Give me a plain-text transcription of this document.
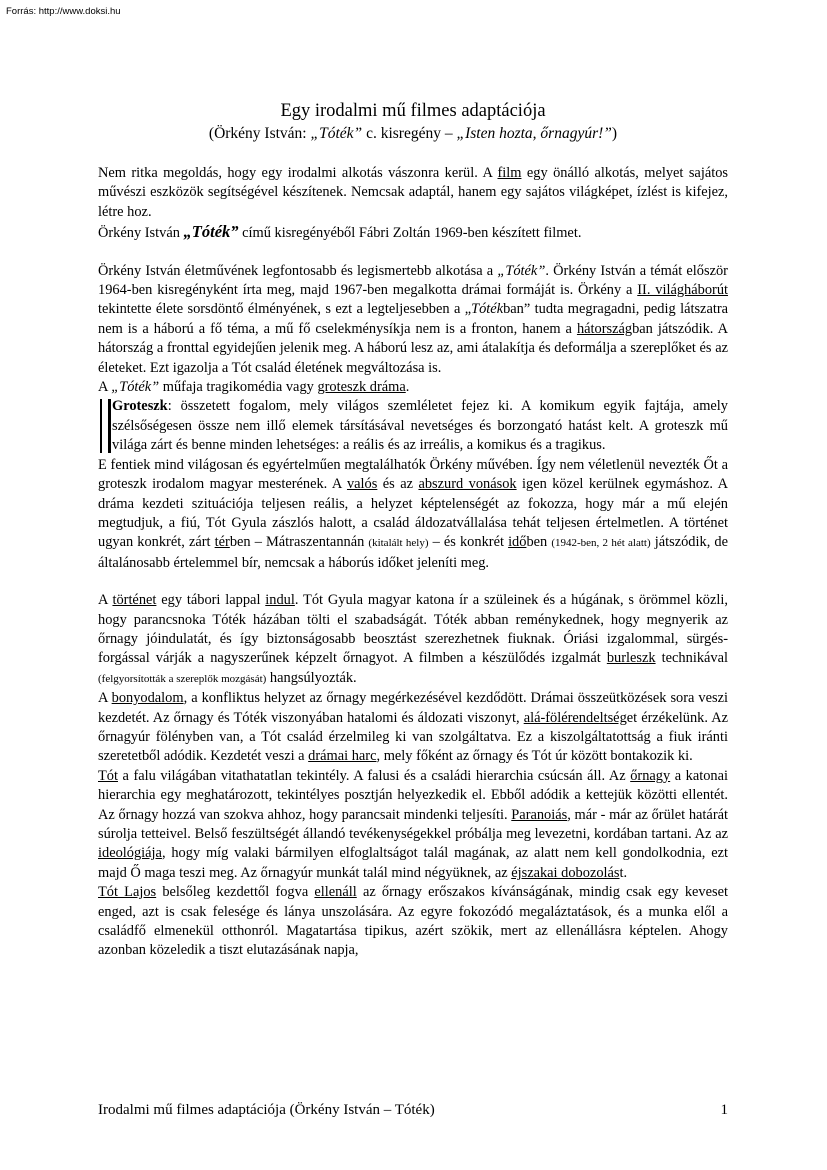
Forrás: http://www.doksi.hu
Egy irodalmi mű filmes adaptációja
(Örkény István: „Tóték” c. kisregény – „Isten hozta, őrnagyúr!”)

Nem ritka megoldás, hogy egy irodalmi alkotás vászonra kerül. A film egy önálló alkotás, melyet sajátos művészi eszközök segítségével készítenek. Nemcsak adaptál, hanem egy sajátos világképet, ízlést is kifejez, létre hoz.

Örkény István „Tóték” című kisregényéből Fábri Zoltán 1969-ben készített filmet.

Örkény István életművének legfontosabb és legismertebb alkotása a „Tóték”. Örkény István a témát először 1964-ben kisregényként írta meg, majd 1967-ben megalkotta drámai formáját is. Örkény a II. világháborút tekintette élete sorsdöntő élményének, s ezt a legteljesebben a „Tótékban” tudta megragadni, pedig látszatra nem is a háború a fő téma, a mű fő cselekménysíkja nem is a fronton, hanem a hátországban játszódik. A hátország a fronttal egyidejűen jelenik meg. A háború lesz az, ami átalakítja és deformálja a szereplőket és az életeket. Ezt igazolja a Tót család életének megváltozása is.

A „Tóték” műfaja tragikomédia vagy groteszk dráma.

Groteszk: összetett fogalom, mely világos szemléletet fejez ki. A komikum egyik fajtája, amely szélsőségesen össze nem illő elemek társításával nevetséges és borzongató hatást kelt. A groteszk mű világa zárt és benne minden lehetséges: a reális és az irreális, a komikus és a tragikus.

E fentiek mind világosan és egyértelműen megtalálhatók Örkény művében. Így nem véletlenül nevezték Őt a groteszk irodalom magyar mesterének. A valós és az abszurd vonások igen közel kerülnek egymáshoz. A dráma kezdeti szituációja teljesen reális, a helyzet képtelenségét az fokozza, hogy már a mű elején megtudjuk, a fiú, Tót Gyula zászlós halott, a család áldozatvállalása tehát teljesen értelmetlen. A történet ugyan konkrét, zárt térben – Mátraszentannán (kitalált hely) – és konkrét időben (1942-ben, 2 hét alatt) játszódik, de általánosabb értelemmel bír, nemcsak a háborús időket jeleníti meg.

A történet egy tábori lappal indul. Tót Gyula magyar katona ír a szüleinek és a húgának, s örömmel közli, hogy parancsnoka Tóték házában tölti el szabadságát. Tóték abban reménykednek, hogy megnyerik az őrnagy jóindulatát, és így biztonságosabb beosztást szerezhetnek fiuknak. Óriási izgalommal, sürgés-forgással várják a nagyszerűnek képzelt őrnagyot. A filmben a készülődés izgalmát burleszk technikával (felgyorsították a szereplők mozgását) hangsúlyozták.

A bonyodalom, a konfliktus helyzet az őrnagy megérkezésével kezdődött. Drámai összeütközések sora veszi kezdetét. Az őrnagy és Tóték viszonyában hatalomi és áldozati viszonyt, alá-fölérendeltséget érzékelünk. Az őrnagyúr fölényben van, a Tót család érzelmileg ki van szolgáltatva. Ez a kiszolgáltatottság a fiuk iránti szeretetből adódik. Kezdetét veszi a drámai harc, mely főként az őrnagy és Tót úr között bontakozik ki.

Tót a falu világában vitathatatlan tekintély. A falusi és a családi hierarchia csúcsán áll. Az őrnagy a katonai hierarchia egy meghatározott, tekintélyes posztján helyezkedik el. Ebből adódik a kettejük közötti ellentét. Az őrnagy hozzá van szokva ahhoz, hogy parancsait mindenki teljesíti. Paranoiás, már - már az őrület határát súrolja tetteivel. Belső feszültségét állandó tevékenységekkel próbálja meg levezetni, kordában tartani. Az az ideológiája, hogy míg valaki bármilyen elfoglaltságot talál magának, az alatt nem kell gondolkodnia, ezt majd Ő maga teszi meg. Az őrnagyúr munkát talál mind négyüknek, az éjszakai dobozolást.

Tót Lajos belsőleg kezdettől fogva ellenáll az őrnagy erőszakos kívánságának, mindig csak egy keveset enged, azt is csak felesége és lánya unszolására. Az egyre fokozódó megaláztatások, és a munka elől a családfő elmenekül otthonról. Magatartása tipikus, azért szökik, mert az ellenállásra képtelen. Ahogy azonban közeledik a tiszt elutazásának napja,

Irodalmi mű filmes adaptációja (Örkény István – Tóték)	1
